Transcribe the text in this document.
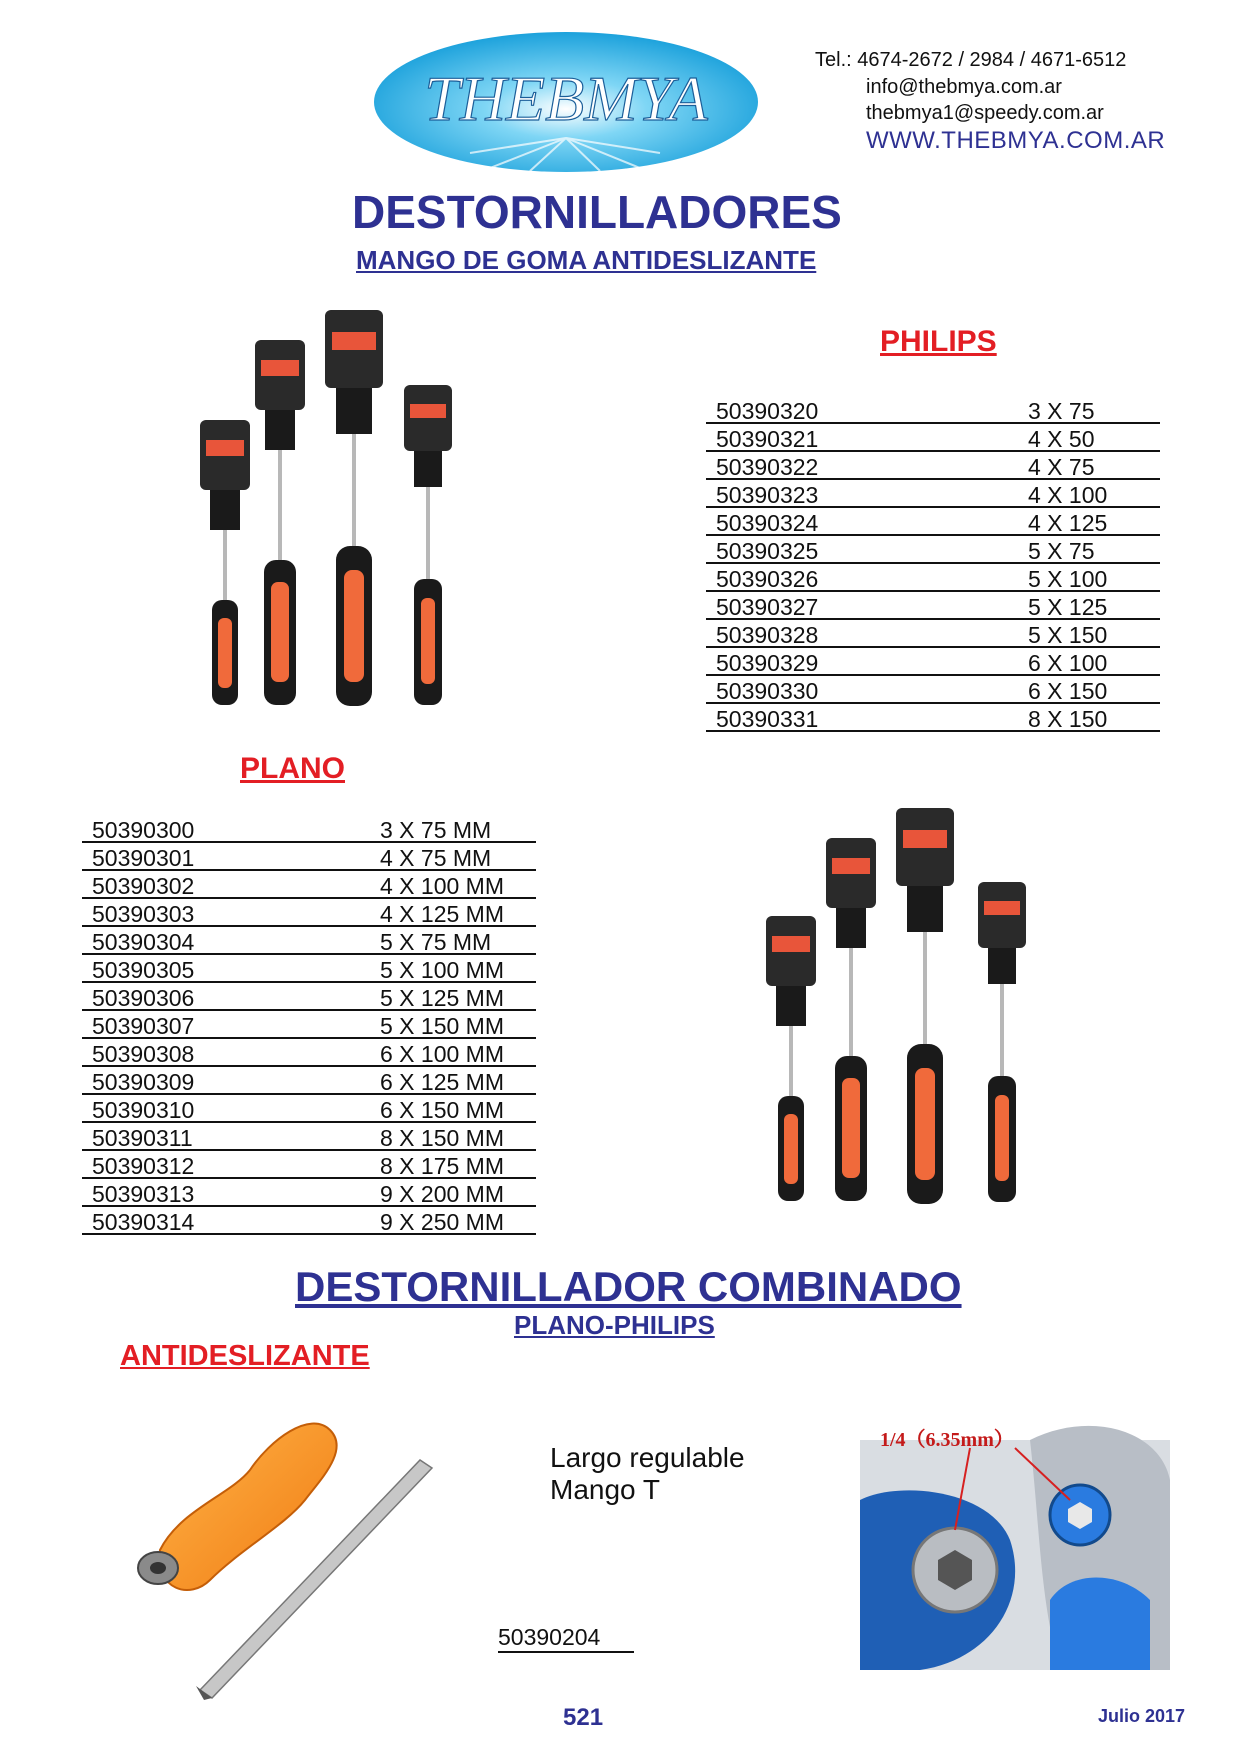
THEBMYA
Tel.: 4674-2672 / 2984 / 4671-6512
info@thebmya.com.ar
thebmya1@speedy.com.ar
WWW.THEBMYA.COM.AR
DESTORNILLADORES
MANGO DE GOMA ANTIDESLIZANTE
PHILIPS
50390320	3 X 75
50390321	4 X 50
50390322	4 X 75
50390323	4 X 100
50390324	4 X 125
50390325	5 X 75
50390326	5 X 100
50390327	5 X 125
50390328	5 X 150
50390329	6 X 100
50390330	6 X 150
50390331	8 X 150
PLANO
50390300	3 X 75 MM
50390301	4 X 75 MM
50390302	4 X 100 MM
50390303	4 X 125 MM
50390304	5 X 75 MM
50390305	5 X 100 MM
50390306	5 X 125 MM
50390307	5 X 150 MM
50390308	6 X 100 MM
50390309	6 X 125 MM
50390310	6 X 150 MM
50390311	8 X 150 MM
50390312	8 X 175 MM
50390313	9 X 200 MM
50390314	9 X 250 MM
DESTORNILLADOR COMBINADO
PLANO-PHILIPS
ANTIDESLIZANTE
Largo regulable
Mango T
1/4（6.35mm）
50390204
521	Julio 2017
